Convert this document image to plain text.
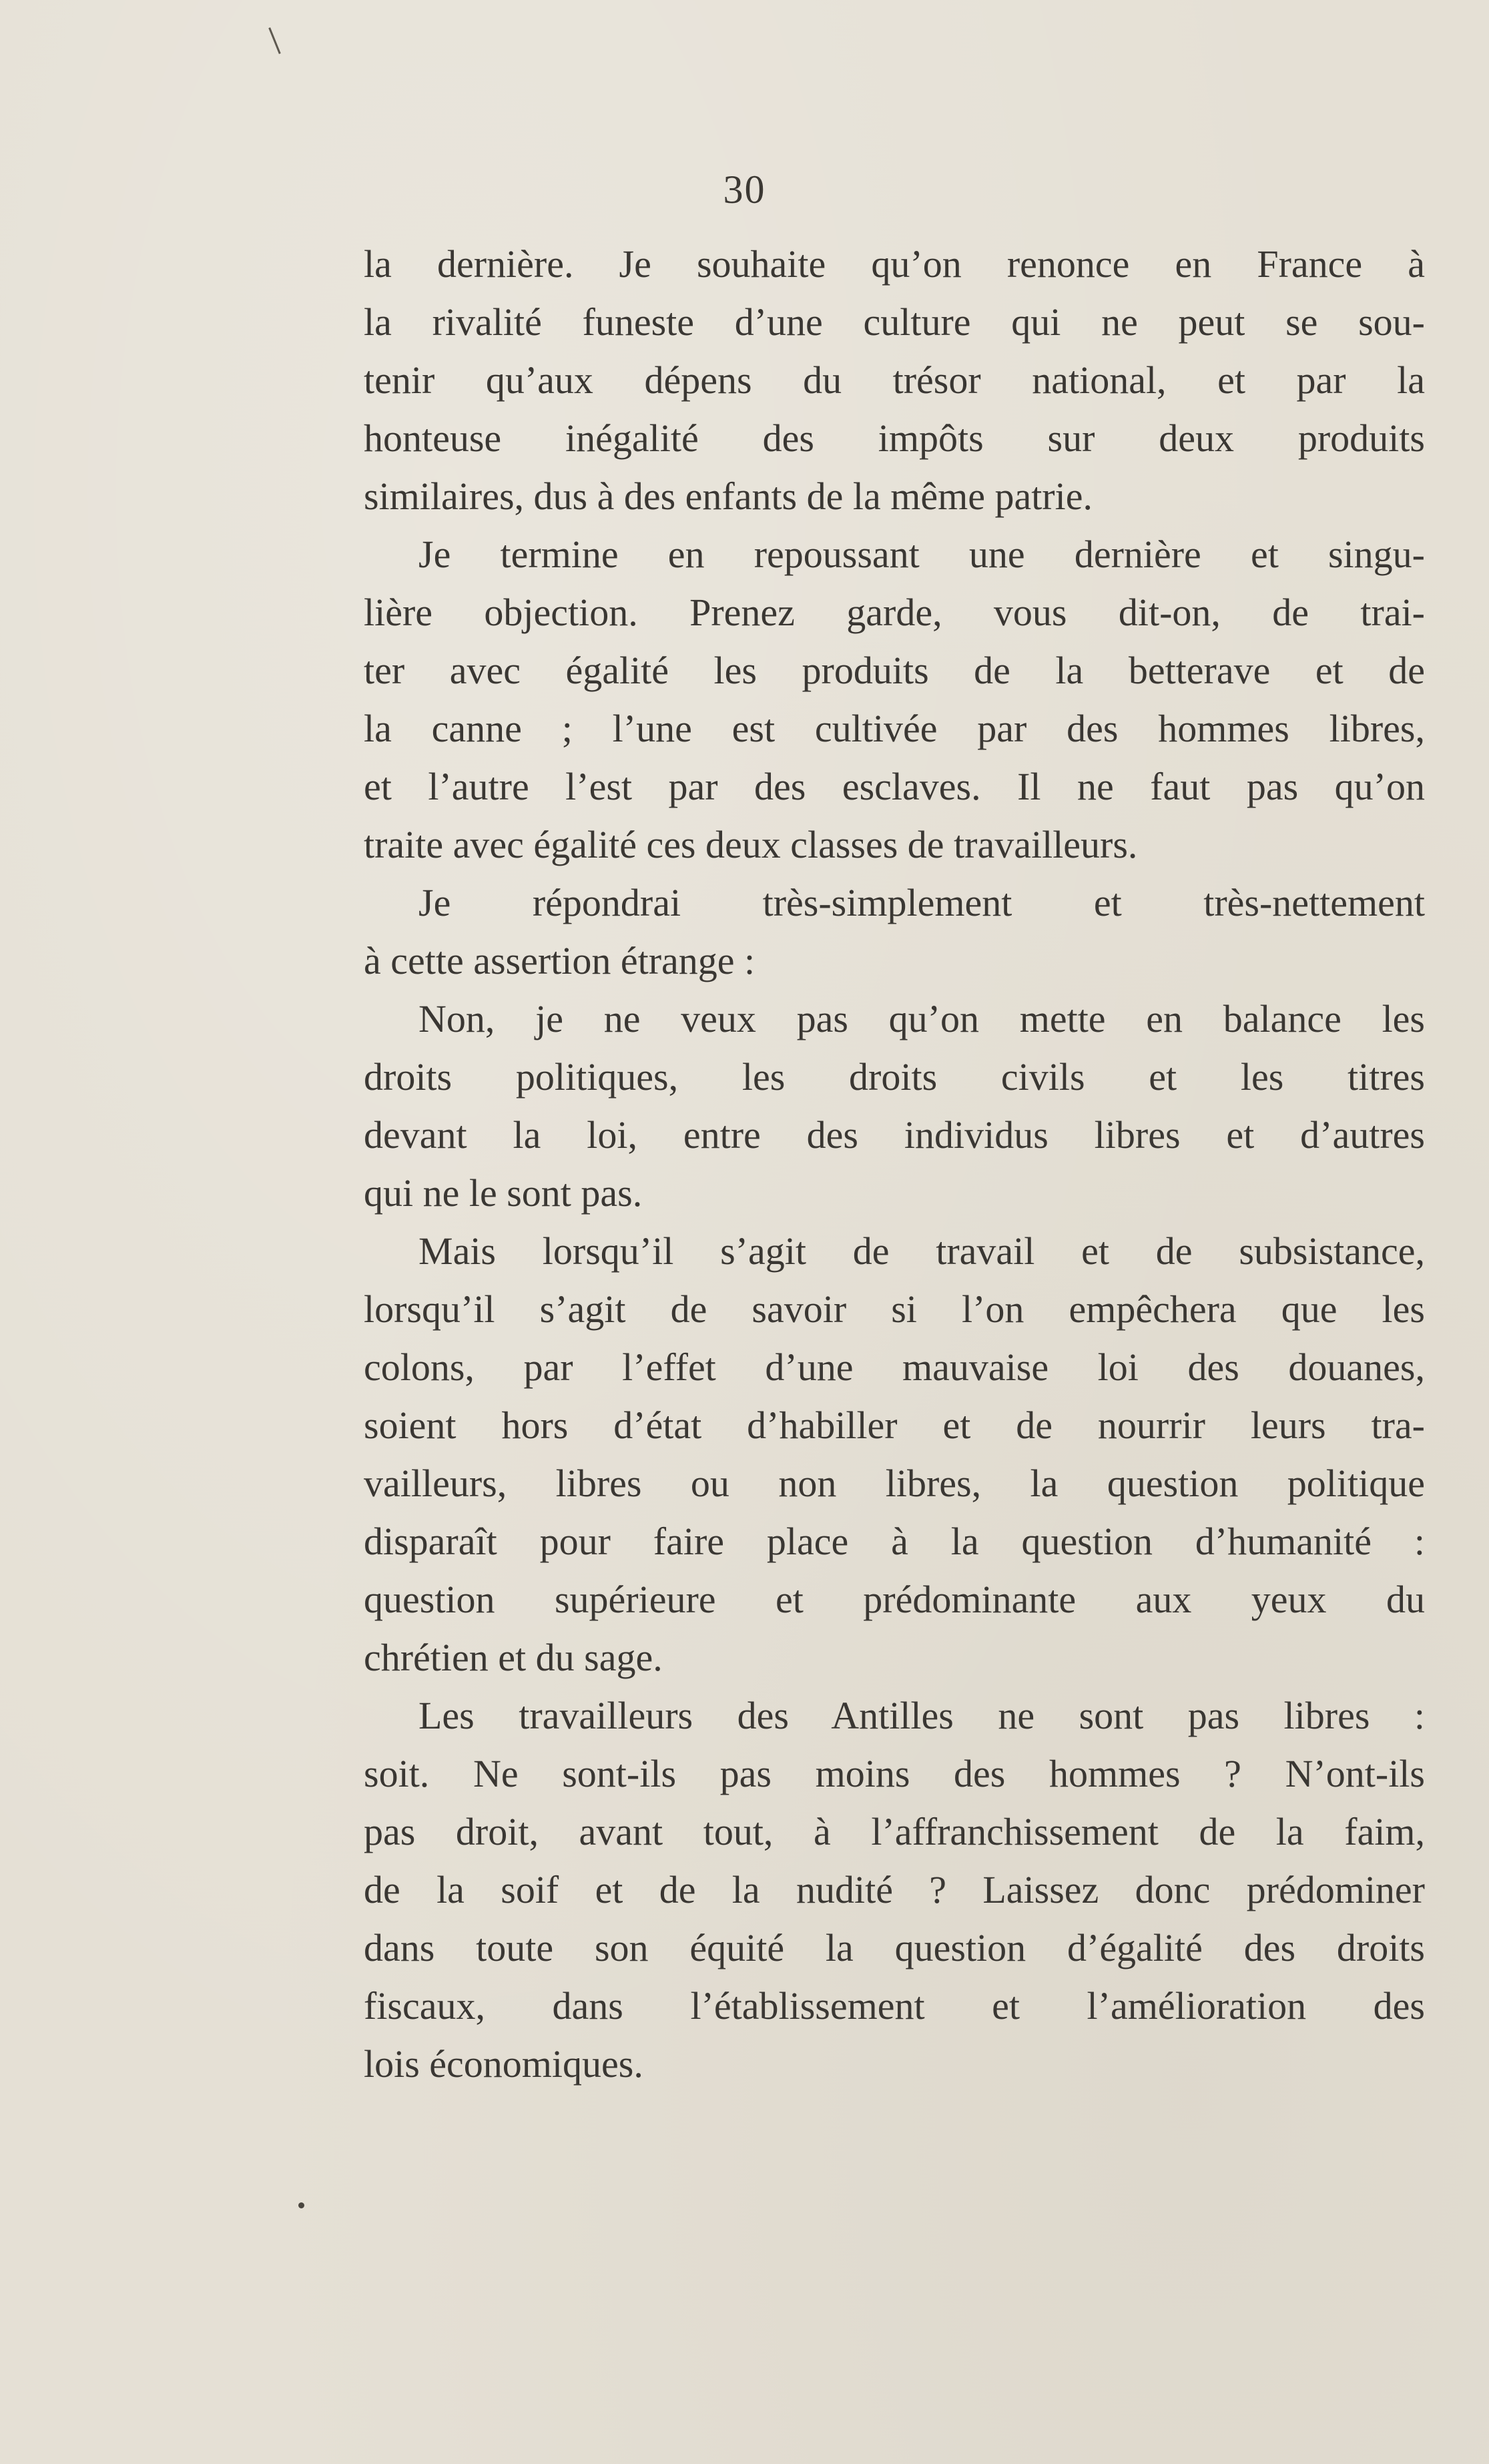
30

la dernière. Je souhaite qu’on renonce en France à
la rivalité funeste d’une culture qui ne peut se sou-
tenir qu’aux dépens du trésor national, et par la
honteuse inégalité des impôts sur deux produits
similaires, dus à des enfants de la même patrie.

Je termine en repoussant une dernière et singu-
lière objection. Prenez garde, vous dit-on, de trai-
ter avec égalité les produits de la betterave et de
la canne ; l’une est cultivée par des hommes libres,
et l’autre l’est par des esclaves. Il ne faut pas qu’on
traite avec égalité ces deux classes de travailleurs.

Je répondrai très-simplement et très-nettement
à cette assertion étrange :

Non, je ne veux pas qu’on mette en balance les
droits politiques, les droits civils et les titres
devant la loi, entre des individus libres et d’autres
qui ne le sont pas.

Mais lorsqu’il s’agit de travail et de subsistance,
lorsqu’il s’agit de savoir si l’on empêchera que les
colons, par l’effet d’une mauvaise loi des douanes,
soient hors d’état d’habiller et de nourrir leurs tra-
vailleurs, libres ou non libres, la question politique
disparaît pour faire place à la question d’humanité :
question supérieure et prédominante aux yeux du
chrétien et du sage.

Les travailleurs des Antilles ne sont pas libres :
soit. Ne sont-ils pas moins des hommes ? N’ont-ils
pas droit, avant tout, à l’affranchissement de la faim,
de la soif et de la nudité ? Laissez donc prédominer
dans toute son équité la question d’égalité des droits
fiscaux, dans l’établissement et l’amélioration des
lois économiques.
